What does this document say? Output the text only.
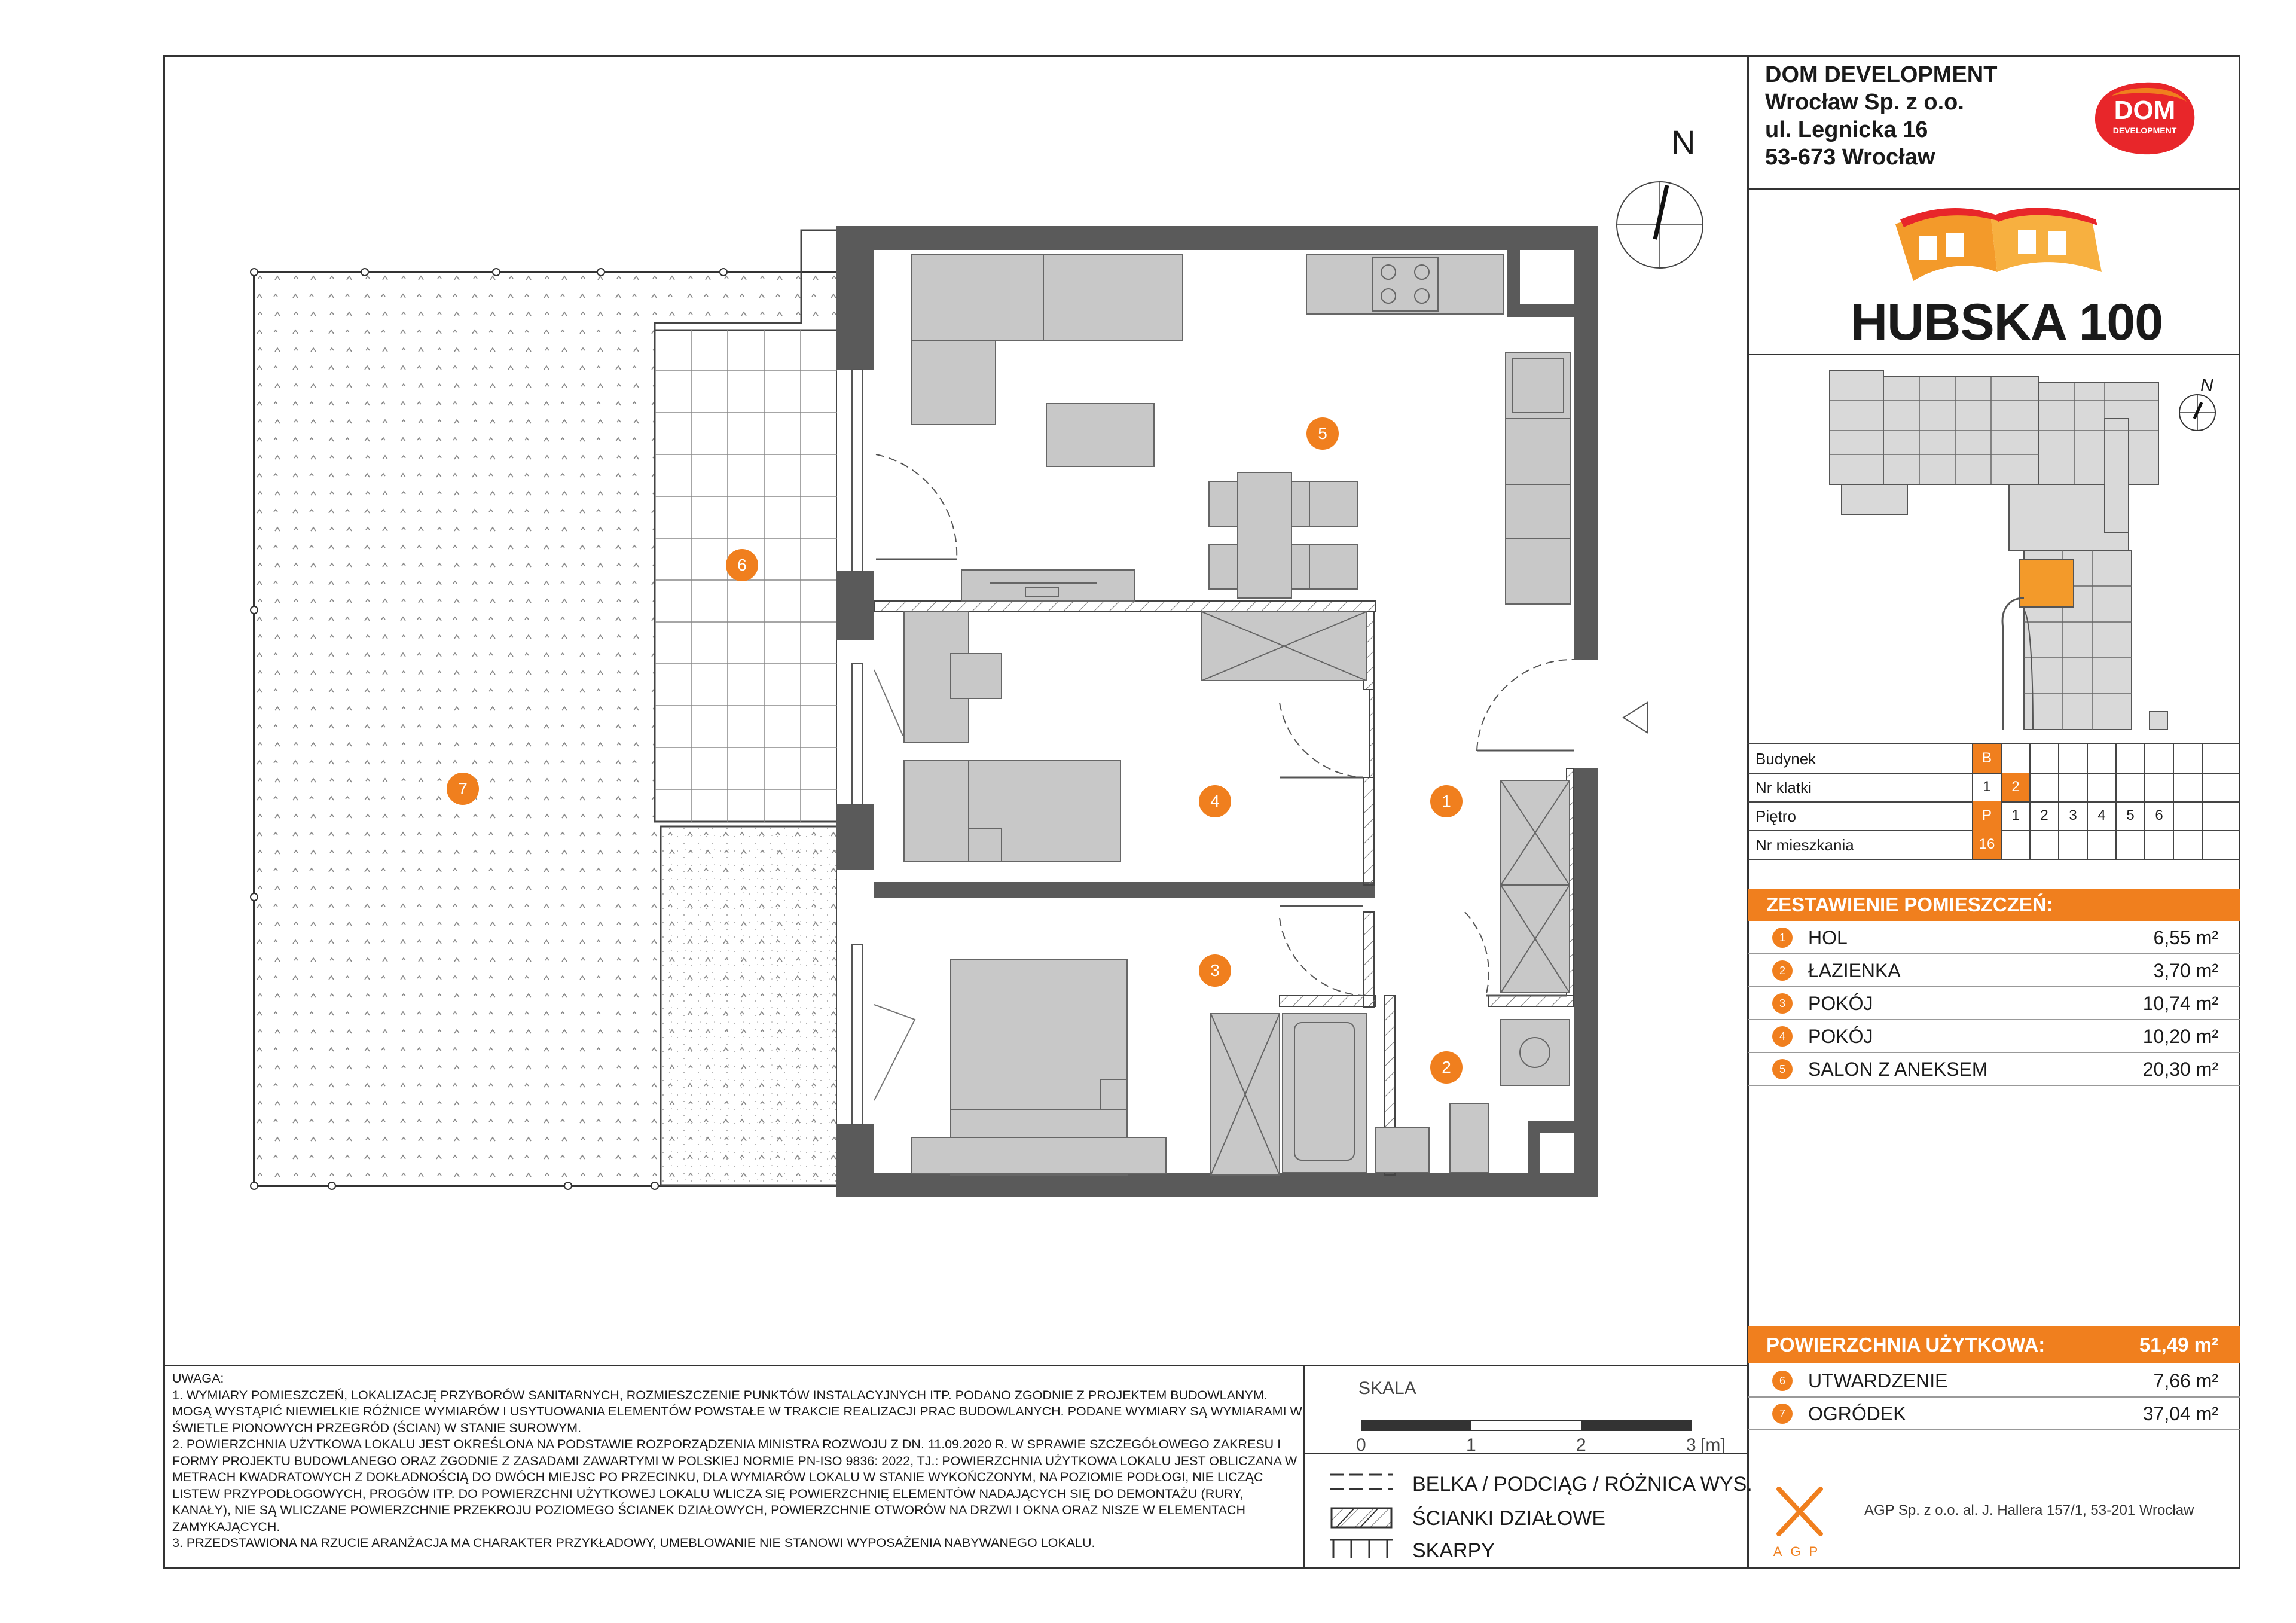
DOM DEVELOPMENT
Wrocław Sp. z o.o.
ul. Legnicka 16
53-673 Wrocław
DOM
DEVELOPMENT
HUBSKA 100
N
Budynek	B
Nr klatki	1	2
Piętro	P	1	2	3	4	5	6
Nr mieszkania	16
ZESTAWIENIE POMIESZCZEŃ:
1	HOL	6,55 m²
2	ŁAZIENKA	3,70 m²
3	POKÓJ	10,74 m²
4	POKÓJ	10,20 m²
5	SALON Z ANEKSEM	20,30 m²
POWIERZCHNIA UŻYTKOWA:	51,49 m²
6	UTWARDZENIE	7,66 m²
7	OGRÓDEK	37,04 m²
N
1
2
3
4
5
6
7

UWAGA:

1. WYMIARY POMIESZCZEŃ, LOKALIZACJĘ PRZYBORÓW SANITARNYCH, ROZMIESZCZENIE PUNKTÓW INSTALACYJNYCH ITP. PODANO ZGODNIE Z PROJEKTEM BUDOWLANYM. MOGĄ WYSTĄPIĆ NIEWIELKIE RÓŻNICE WYMIARÓW I USYTUOWANIA ELEMENTÓW POWSTAŁE W TRAKCIE REALIZACJI PRAC BUDOWLANYCH. PODANE WYMIARY SĄ WYMIARAMI W ŚWIETLE PIONOWYCH PRZEGRÓD (ŚCIAN) W STANIE SUROWYM.

2. POWIERZCHNIA UŻYTKOWA LOKALU JEST OKREŚLONA NA PODSTAWIE ROZPORZĄDZENIA MINISTRA ROZWOJU Z DN. 11.09.2020 R. W SPRAWIE SZCZEGÓŁOWEGO ZAKRESU I FORMY PROJEKTU BUDOWLANEGO ORAZ ZGODNIE Z ZASADAMI ZAWARTYMI W POLSKIEJ NORMIE PN-ISO 9836: 2022, TJ.: POWIERZCHNIA UŻYTKOWA LOKALU JEST OBLICZANA W METRACH KWADRATOWYCH Z DOKŁADNOŚCIĄ DO DWÓCH MIEJSC PO PRZECINKU, DLA WYMIARÓW LOKALU W STANIE WYKOŃCZONYM, NA POZIOMIE PODŁOGI, NIE LICZĄC LISTEW PRZYPODŁOGOWYCH, PROGÓW ITP. DO POWIERZCHNI UŻYTKOWEJ LOKALU WLICZA SIĘ POWIERZCHNIĘ ELEMENTÓW NADAJĄCYCH SIĘ DO DEMONTAŻU (RURY, KANAŁY), NIE SĄ WLICZANE POWIERZCHNIE PRZEKROJU POZIOMEGO ŚCIANEK DZIAŁOWYCH, POWIERZCHNIE OTWORÓW NA DRZWI I OKNA ORAZ NISZE W ELEMENTACH ZAMYKAJĄCYCH.

3. PRZEDSTAWIONA NA RZUCIE ARANŻACJA MA CHARAKTER PRZYKŁADOWY, UMEBLOWANIE NIE STANOWI WYPOSAŻENIA NABYWANEGO LOKALU.

SKALA
0	1	2	3 [m]
BELKA / PODCIĄG / RÓŻNICA WYS.
ŚCIANKI DZIAŁOWE
SKARPY	AGP
AGP Sp. z o.o. al. J. Hallera 157/1, 53-201 Wrocław
